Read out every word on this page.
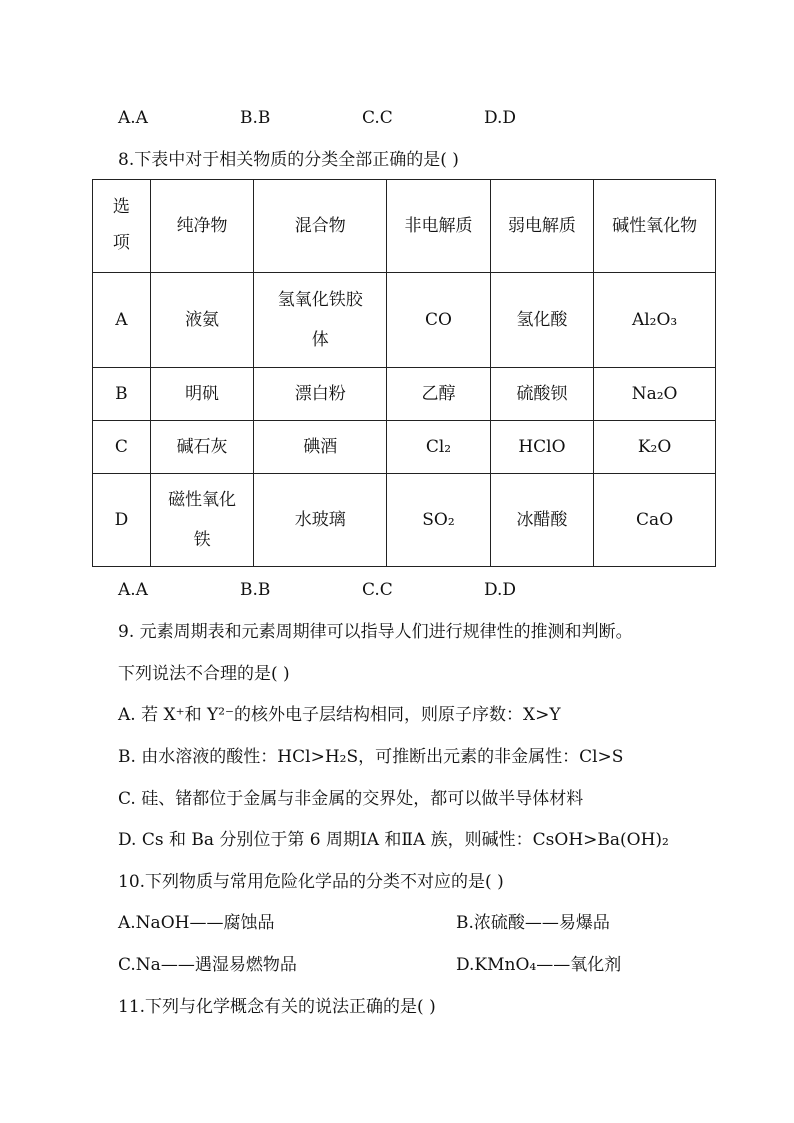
A.A	B.B	C.C	D.D
8.下表中对于相关物质的分类全部正确的是( )
选项	纯净物	混合物	非电解质	弱电解质	碱性氧化物
A	液氨	氢氧化铁胶体	CO	氢化酸	Al₂O₃
B	明矾	漂白粉	乙醇	硫酸钡	Na₂O
C	碱石灰	碘酒	Cl₂	HClO	K₂O
D	磁性氧化铁	水玻璃	SO₂	冰醋酸	CaO
A.A	B.B	C.C	D.D
9. 元素周期表和元素周期律可以指导人们进行规律性的推测和判断。
下列说法不合理的是( )
A. 若 X⁺和 Y²⁻的核外电子层结构相同，则原子序数：X>Y
B. 由水溶液的酸性：HCl>H₂S，可推断出元素的非金属性：Cl>S
C. 硅、锗都位于金属与非金属的交界处，都可以做半导体材料
D. Cs 和 Ba 分别位于第 6 周期ⅠA 和ⅡA 族，则碱性：CsOH>Ba(OH)₂
10.下列物质与常用危险化学品的分类不对应的是( )
A.NaOH——腐蚀品	B.浓硫酸——易爆品
C.Na——遇湿易燃物品	D.KMnO₄——氧化剂
11.下列与化学概念有关的说法正确的是( )
